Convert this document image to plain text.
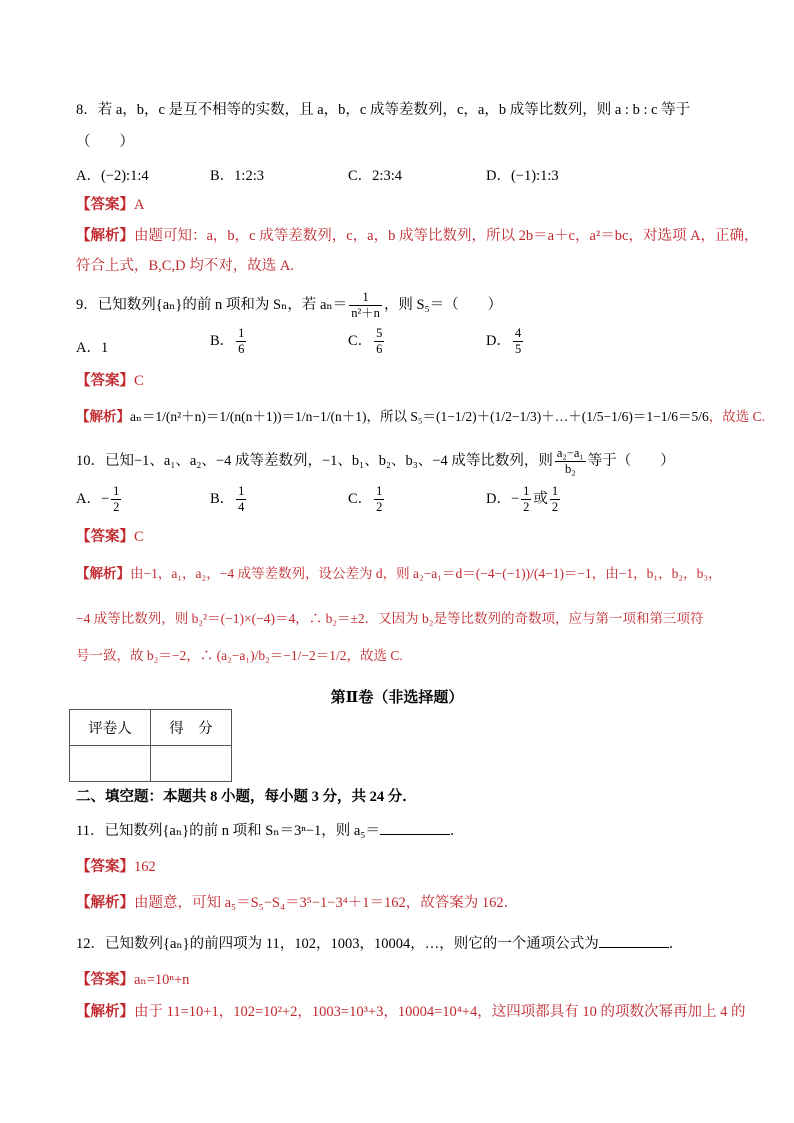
8．若 a，b，c 是互不相等的实数，且 a，b，c 成等差数列，c，a，b 成等比数列，则 a : b : c 等于
（　　）
A．(−2):1:4	B．1:2:3	C．2:3:4	D．(−1):1:3
【答案】A
【解析】由题可知：a，b，c 成等差数列，c，a，b 成等比数列，所以 2b＝a＋c，a²＝bc，对选项 A，正确，
符合上式，B,C,D 均不对，故选 A.
9．已知数列{aₙ}的前 n 项和为 Sₙ，若 $a_n= \frac{1}{\text{n²＋n}}$ ，则 S₅＝（　　）
A．1	B． $\frac{1}{6}$	C． $\frac{5}{6}$	D． $\frac{4}{5}$
【答案】C
【解析】aₙ＝1/(n²＋n)＝1/(n(n＋1))＝1/n−1/(n＋1)，所以 S₅＝(1−1/2)＋(1/2−1/3)＋…＋(1/5−1/6)＝1−1/6＝5/6，故选 C.
10．已知−1、a₁、a₂、−4 成等差数列，−1、b₁、b₂、b₃、−4 成等比数列，则 $\frac{\text{a₂−a₁}}{\text{b₂}}$ 等于（　　）
A．− $\frac{1}{2}$	B． $\frac{1}{4}$	C． $\frac{1}{2}$	D．− $\frac{1}{2}$ 或 $\frac{1}{2}$
【答案】C
【解析】由−1，a₁，a₂，−4 成等差数列，设公差为 d，则 a₂−a₁＝d＝(−4−(−1))/(4−1)＝−1，由−1，b₁，b₂，b₃，
−4 成等比数列，则 b₂²＝(−1)×(−4)＝4，∴ b₂＝±2．又因为 b₂是等比数列的奇数项，应与第一项和第三项符
号一致，故 b₂＝−2，∴ (a₂−a₁)/b₂＝−1/−2＝1/2，故选 C.
第Ⅱ卷（非选择题）
评卷人	得　分

二、填空题：本题共 8 小题，每小题 3 分，共 24 分．
11．已知数列{aₙ}的前 n 项和 Sₙ＝3ⁿ−1，则 a₅＝	．
【答案】162
【解析】由题意，可知 a₅＝S₅−S₄＝3⁵−1−3⁴＋1＝162，故答案为 162．
12．已知数列{aₙ}的前四项为 11，102，1003，10004，…，则它的一个通项公式为	．
【答案】aₙ=10ⁿ+n
【解析】由于 11=10+1，102=10²+2，1003=10³+3，10004=10⁴+4，这四项都具有 10 的项数次幂再加上 4 的
